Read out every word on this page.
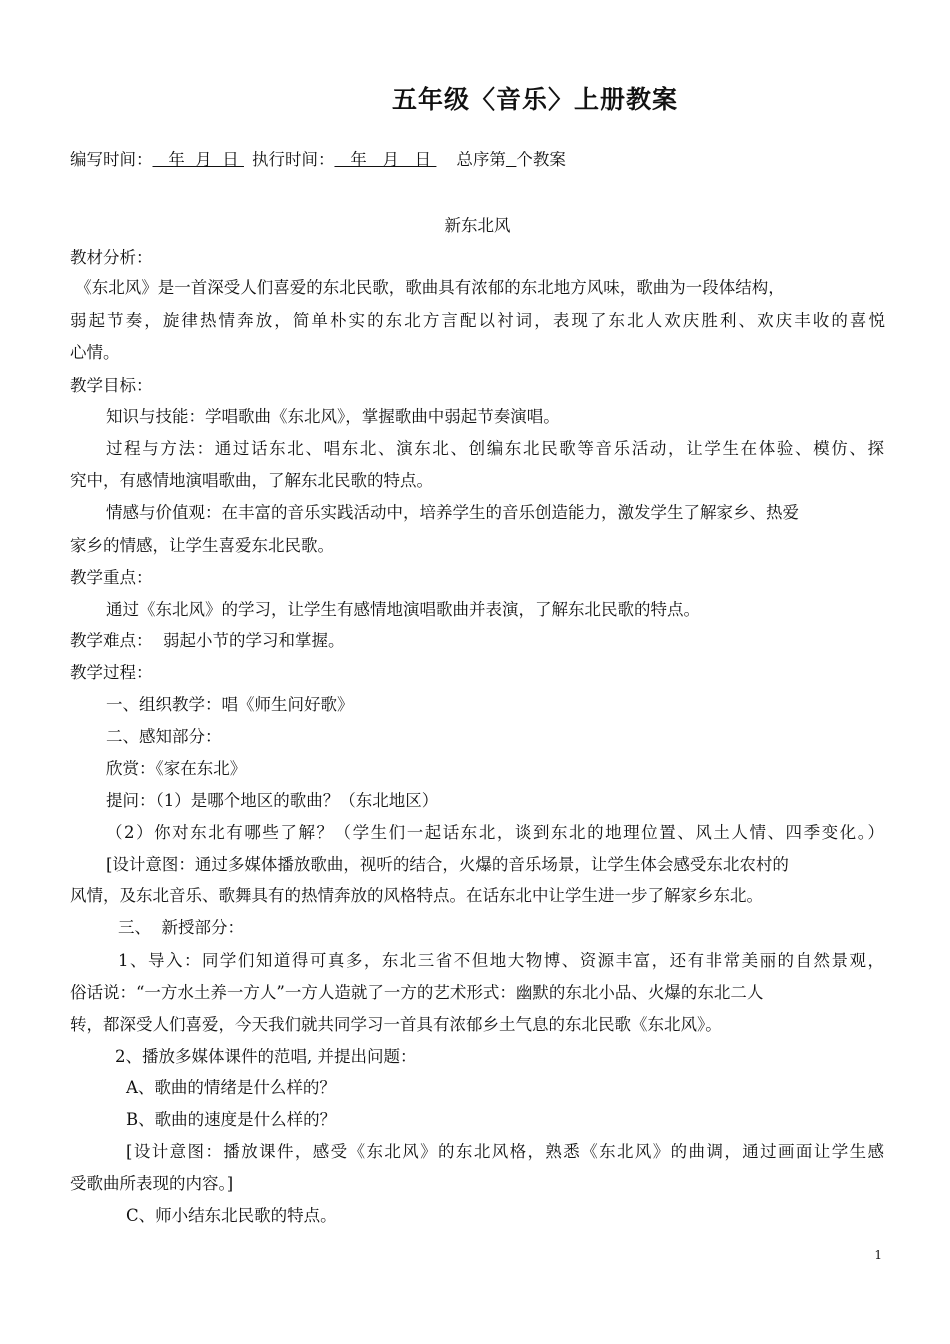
五年级〈音乐〉上册教案
编写时间：   年  月  日 执行时间：   年   月   日 总序第 个教案
新东北风
教材分析：
《东北风》是一首深受人们喜爱的东北民歌，歌曲具有浓郁的东北地方风味，歌曲为一段体结构，
弱起节奏，旋律热情奔放，简单朴实的东北方言配以衬词，表现了东北人欢庆胜利、欢庆丰收的喜悦
心情。
教学目标：
知识与技能：学唱歌曲《东北风》，掌握歌曲中弱起节奏演唱。
过程与方法：通过话东北、唱东北、演东北、创编东北民歌等音乐活动，让学生在体验、模仿、探
究中，有感情地演唱歌曲，了解东北民歌的特点。
情感与价值观：在丰富的音乐实践活动中，培养学生的音乐创造能力，激发学生了解家乡、热爱
家乡的情感，让学生喜爱东北民歌。
教学重点：
通过《东北风》的学习，让学生有感情地演唱歌曲并表演，了解东北民歌的特点。
教学难点：  弱起小节的学习和掌握。
教学过程：
一、组织教学：唱《师生问好歌》
二、感知部分：
欣赏：《家在东北》
提问：（1）是哪个地区的歌曲？（东北地区）
（2）你对东北有哪些了解？（学生们一起话东北，谈到东北的地理位置、风土人情、四季变化。）
[设计意图：通过多媒体播放歌曲，视听的结合，火爆的音乐场景，让学生体会感受东北农村的
风情，及东北音乐、歌舞具有的热情奔放的风格特点。在话东北中让学生进一步了解家乡东北。
三、  新授部分：
1、导入：同学们知道得可真多，东北三省不但地大物博、资源丰富，还有非常美丽的自然景观，
俗话说：“一方水土养一方人”一方人造就了一方的艺术形式：幽默的东北小品、火爆的东北二人
转，都深受人们喜爱，今天我们就共同学习一首具有浓郁乡土气息的东北民歌《东北风》。
2、播放多媒体课件的范唱, 并提出问题：
A、歌曲的情绪是什么样的？
B、歌曲的速度是什么样的？
[设计意图：播放课件，感受《东北风》的东北风格，熟悉《东北风》的曲调，通过画面让学生感
受歌曲所表现的内容。]
C、师小结东北民歌的特点。
1
